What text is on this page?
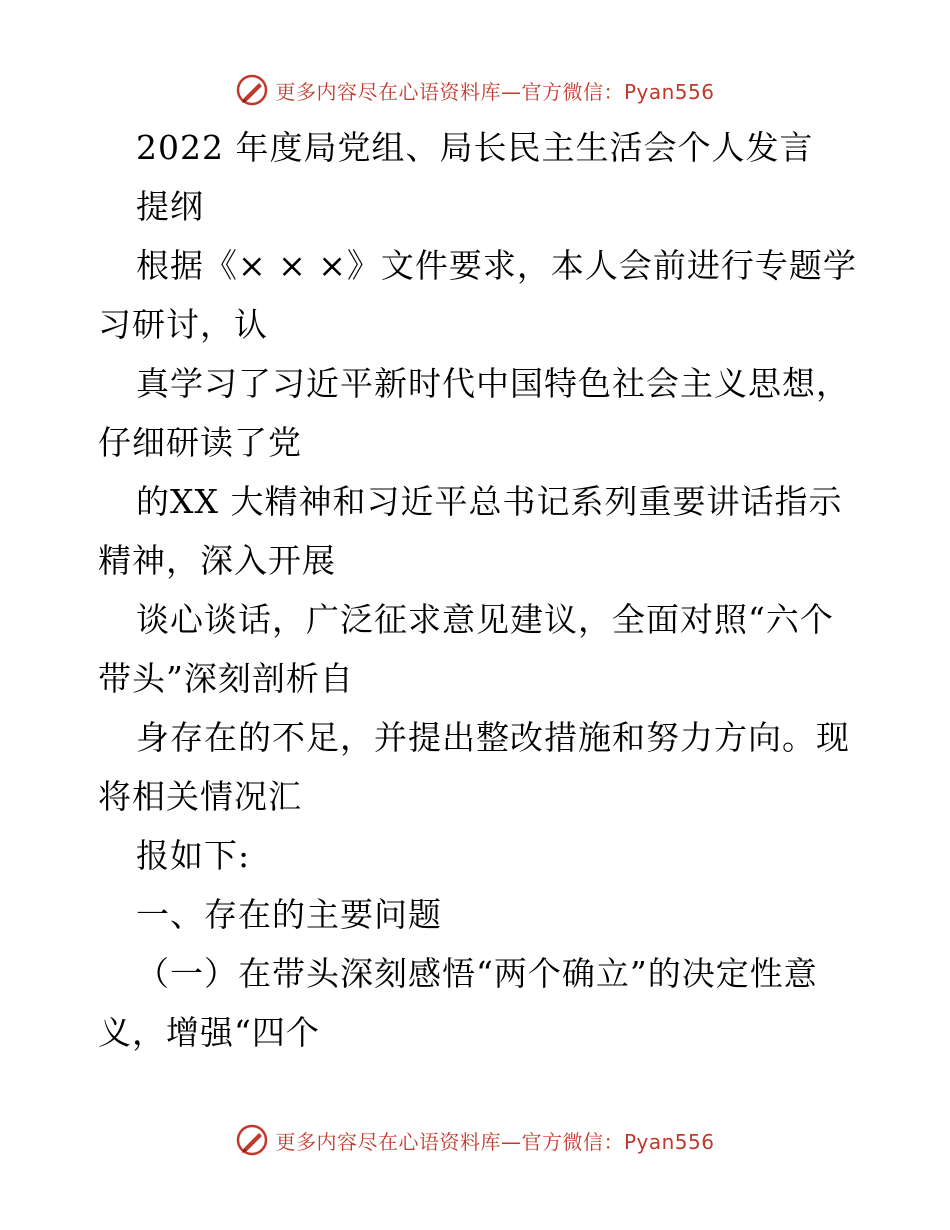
更多内容尽在心语资料库—官方微信：Pyan556
2022 年度局党组、局长民主生活会个人发言
提纲
根据《× × ×》文件要求，本人会前进行专题学
习研讨，认
真学习了习近平新时代中国特色社会主义思想，
仔细研读了党
的XX 大精神和习近平总书记系列重要讲话指示
精神，深入开展
谈心谈话，广泛征求意见建议，全面对照“六个
带头”深刻剖析自
身存在的不足，并提出整改措施和努力方向。现
将相关情况汇
报如下:
一、存在的主要问题
（一）在带头深刻感悟“两个确立”的决定性意
义，增强“四个
更多内容尽在心语资料库—官方微信：Pyan556
